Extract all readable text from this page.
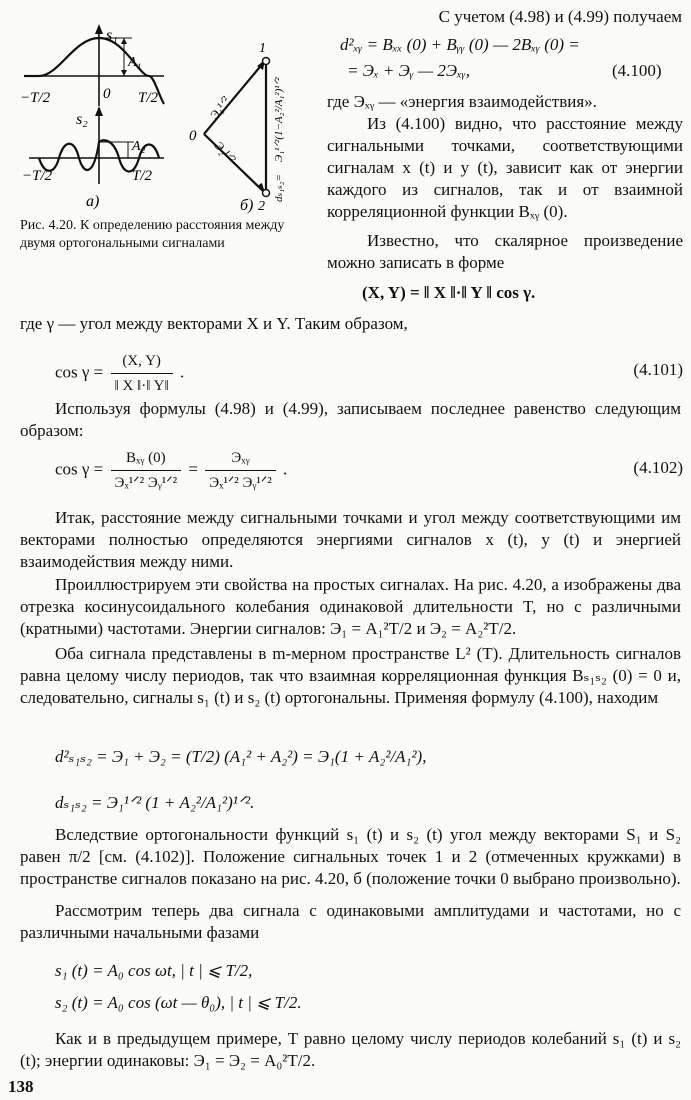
s₁
A₁
−T/2	0 T/2
s₂
A₂
−T/2	T/2
а)
1
2
0
Э₁¹ᐟ²
Э₂¹ᐟ²
dₛ₁ₛ₂=
Э₁¹ᐟ²(1−A₂²/A₁²)¹ᐟ²
б)
Рис. 4.20. К определению расстояния между двумя ортогональными сигналами
С учетом (4.98) и (4.99) получаем
d²ₓᵧ = Bₓₓ (0) + Bᵧᵧ (0) — 2Bₓᵧ (0) =
= Эₓ + Эᵧ — 2Эₓᵧ,	(4.100)
где Эₓᵧ — «энергия взаимодействия».
Из (4.100) видно, что расстояние между сигнальными точками, соответствующими сигналам x (t) и y (t), зависит как от энергии каждого из сигналов, так и от взаимной корреляционной функции Bₓᵧ (0).
Известно, что скалярное произведение можно записать в форме
(X, Y) = ‖ X ‖·‖ Y ‖ cos γ.
где γ — угол между векторами X и Y. Таким образом,
$\cos \gamma = \frac{(X, Y)}{‖ X ‖\cdot‖ Y‖}$ .	(4.101)
Используя формулы (4.98) и (4.99), записываем последнее равенство следующим образом:
$\cos \gamma = \frac{\text{Bₓᵧ (0)}}{\text{Эₓ¹ᐟ² Эᵧ¹ᐟ²}} = \frac{\text{Эₓᵧ}}{\text{Эₓ¹ᐟ² Эᵧ¹ᐟ²}}$ .	(4.102)
Итак, расстояние между сигнальными точками и угол между соответствующими им векторами полностью определяются энергиями сигналов x (t), y (t) и энергией взаимодействия между ними.
Проиллюстрируем эти свойства на простых сигналах. На рис. 4.20, а изображены два отрезка косинусоидального колебания одинаковой длительности T, но с различными (кратными) частотами. Энергии сигналов: Э₁ = A₁²T/2 и Э₂ = A₂²T/2.
Оба сигнала представлены в m-мерном пространстве L² (T). Длительность сигналов равна целому числу периодов, так что взаимная корреляционная функция Bₛ₁ₛ₂ (0) = 0 и, следовательно, сигналы s₁ (t) и s₂ (t) ортогональны. Применяя формулу (4.100), находим
d²ₛ₁ₛ₂ = Э₁ + Э₂ = (T/2) (A₁² + A₂²) = Э₁(1 + A₂²/A₁²),
dₛ₁ₛ₂ = Э₁¹ᐟ² (1 + A₂²/A₁²)¹ᐟ².
Вследствие ортогональности функций s₁ (t) и s₂ (t) угол между векторами S₁ и S₂ равен π/2 [см. (4.102)]. Положение сигнальных точек 1 и 2 (отмеченных кружками) в пространстве сигналов показано на рис. 4.20, б (положение точки 0 выбрано произвольно).
Рассмотрим теперь два сигнала с одинаковыми амплитудами и частотами, но с различными начальными фазами
s₁ (t) = A₀ cos ωt, | t | ⩽ T/2,
s₂ (t) = A₀ cos (ωt — θ₀), | t | ⩽ T/2.
Как и в предыдущем примере, T равно целому числу периодов колебаний s₁ (t) и s₂ (t); энергии одинаковы: Э₁ = Э₂ = A₀²T/2.
138
